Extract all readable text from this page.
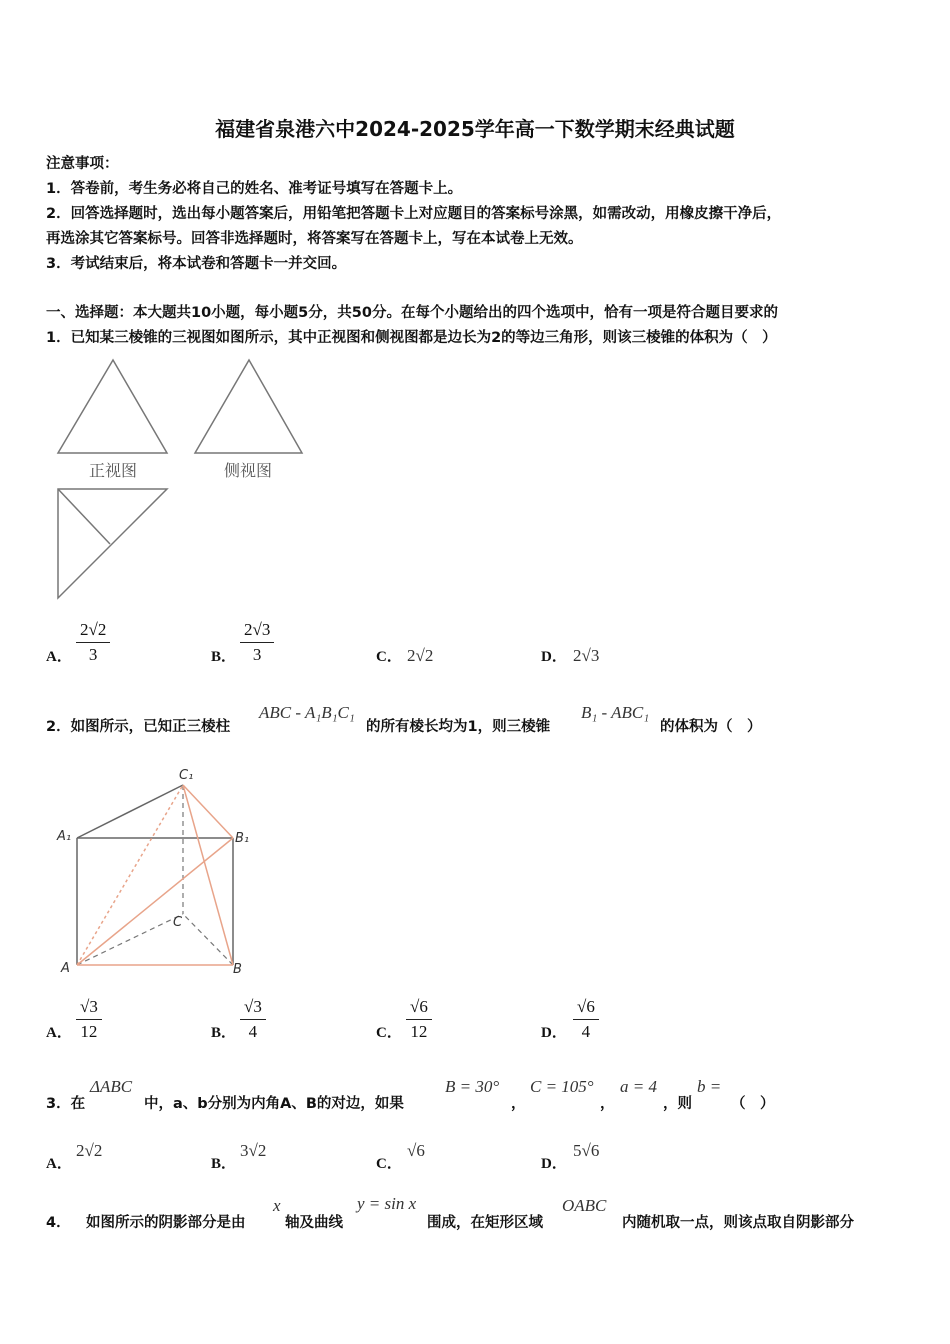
福建省泉港六中2024-2025学年高一下数学期末经典试题
注意事项：
1．答卷前，考生务必将自己的姓名、准考证号填写在答题卡上。
2．回答选择题时，选出每小题答案后，用铅笔把答题卡上对应题目的答案标号涂黑，如需改动，用橡皮擦干净后，
再选涂其它答案标号。回答非选择题时，将答案写在答题卡上，写在本试卷上无效。
3．考试结束后，将本试卷和答题卡一并交回。
一、选择题：本大题共10小题，每小题5分，共50分。在每个小题给出的四个选项中，恰有一项是符合题目要求的
1．已知某三棱锥的三视图如图所示，其中正视图和侧视图都是边长为2的等边三角形，则该三棱锥的体积为（　）
正视图	侧视图
A． $\frac{2√2}{3}$	B． $\frac{2√3}{3}$	C． 2√2	D． 2√3
2．如图所示，已知正三棱柱
ABC - A₁B₁C₁
的所有棱长均为1，则三棱锥
B₁ - ABC₁
的体积为（　）
C₁
A₁	B₁
C
A	B
A． $\frac{√3}{12}$	B． $\frac{√3}{4}$	C． $\frac{√6}{12}$	D． $\frac{√6}{4}$
3．在
ΔABC
中，a、b分别为内角A、B的对边，如果
B = 30°
，
C = 105°
，
a = 4
，则
b =
（　）
A．
2√2
B．
3√2
C．
√6
D．
5√6
4． 如图所示的阴影部分是由
x
轴及曲线
y = sin x
围成，在矩形区域
OABC
内随机取一点，则该点取自阴影部分
